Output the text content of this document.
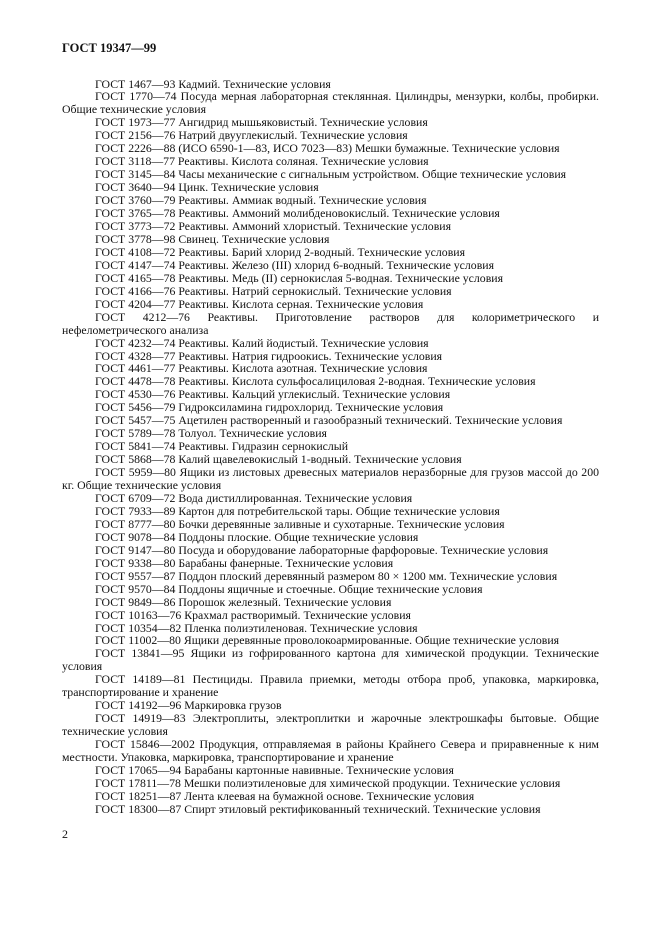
ГОСТ 19347—99

ГОСТ 1467—93 Кадмий. Технические условия

ГОСТ 1770—74 Посуда мерная лабораторная стеклянная. Цилиндры, мензурки, колбы, пробирки. Общие технические условия

ГОСТ 1973—77 Ангидрид мышьяковистый. Технические условия

ГОСТ 2156—76 Натрий двууглекислый. Технические условия

ГОСТ 2226—88 (ИСО 6590-1—83, ИСО 7023—83) Мешки бумажные. Технические условия

ГОСТ 3118—77 Реактивы. Кислота соляная. Технические условия

ГОСТ 3145—84 Часы механические с сигнальным устройством. Общие технические условия

ГОСТ 3640—94 Цинк. Технические условия

ГОСТ 3760—79 Реактивы. Аммиак водный. Технические условия

ГОСТ 3765—78 Реактивы. Аммоний молибденовокислый. Технические условия

ГОСТ 3773—72 Реактивы. Аммоний хлористый. Технические условия

ГОСТ 3778—98 Свинец. Технические условия

ГОСТ 4108—72 Реактивы. Барий хлорид 2-водный. Технические условия

ГОСТ 4147—74 Реактивы. Железо (III) хлорид 6-водный. Технические условия

ГОСТ 4165—78 Реактивы. Медь (II) сернокислая 5-водная. Технические условия

ГОСТ 4166—76 Реактивы. Натрий сернокислый. Технические условия

ГОСТ 4204—77 Реактивы. Кислота серная. Технические условия

ГОСТ 4212—76 Реактивы. Приготовление растворов для колориметрического и нефелометрического анализа

ГОСТ 4232—74 Реактивы. Калий йодистый. Технические условия

ГОСТ 4328—77 Реактивы. Натрия гидроокись. Технические условия

ГОСТ 4461—77 Реактивы. Кислота азотная. Технические условия

ГОСТ 4478—78 Реактивы. Кислота сульфосалициловая 2-водная. Технические условия

ГОСТ 4530—76 Реактивы. Кальций углекислый. Технические условия

ГОСТ 5456—79 Гидроксиламина гидрохлорид. Технические условия

ГОСТ 5457—75 Ацетилен растворенный и газообразный технический. Технические условия

ГОСТ 5789—78 Толуол. Технические условия

ГОСТ 5841—74 Реактивы. Гидразин сернокислый

ГОСТ 5868—78 Калий щавелевокислый 1-водный. Технические условия

ГОСТ 5959—80 Ящики из листовых древесных материалов неразборные для грузов массой до 200 кг. Общие технические условия

ГОСТ 6709—72 Вода дистиллированная. Технические условия

ГОСТ 7933—89 Картон для потребительской тары. Общие технические условия

ГОСТ 8777—80 Бочки деревянные заливные и сухотарные. Технические условия

ГОСТ 9078—84 Поддоны плоские. Общие технические условия

ГОСТ 9147—80 Посуда и оборудование лабораторные фарфоровые. Технические условия

ГОСТ 9338—80 Барабаны фанерные. Технические условия

ГОСТ 9557—87 Поддон плоский деревянный размером 80 × 1200 мм. Технические условия

ГОСТ 9570—84 Поддоны ящичные и стоечные. Общие технические условия

ГОСТ 9849—86 Порошок железный. Технические условия

ГОСТ 10163—76 Крахмал растворимый. Технические условия

ГОСТ 10354—82 Пленка полиэтиленовая. Технические условия

ГОСТ 11002—80 Ящики деревянные проволокоармированные. Общие технические условия

ГОСТ 13841—95 Ящики из гофрированного картона для химической продукции. Технические условия

ГОСТ 14189—81 Пестициды. Правила приемки, методы отбора проб, упаковка, маркировка, транспортирование и хранение

ГОСТ 14192—96 Маркировка грузов

ГОСТ 14919—83 Электроплиты, электроплитки и жарочные электрошкафы бытовые. Общие технические условия

ГОСТ 15846—2002 Продукция, отправляемая в районы Крайнего Севера и приравненные к ним местности. Упаковка, маркировка, транспортирование и хранение

ГОСТ 17065—94 Барабаны картонные навивные. Технические условия

ГОСТ 17811—78 Мешки полиэтиленовые для химической продукции. Технические условия

ГОСТ 18251—87 Лента клеевая на бумажной основе. Технические условия

ГОСТ 18300—87 Спирт этиловый ректификованный технический. Технические условия

2
